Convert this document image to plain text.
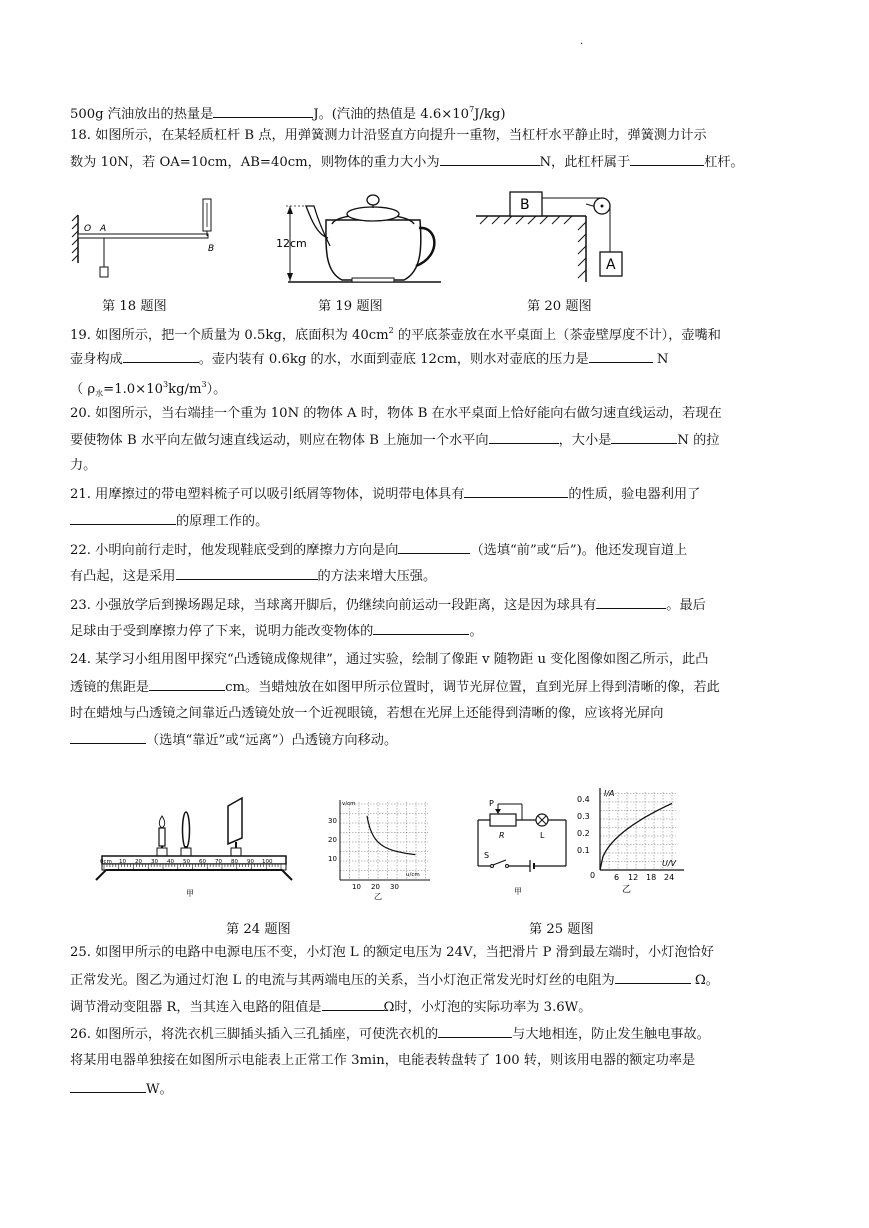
.
500g 汽油放出的热量是	J。(汽油的热值是 $4.6\times 10^7J/kg$)
18. 如图所示，在某轻质杠杆 B 点，用弹簧测力计沿竖直方向提升一重物，当杠杆水平静止时，弹簧测力计示
数为 10N，若 OA=10cm，AB=40cm，则物体的重力大小为	N，此杠杆属于	杠杆。
O A
B	12cm
B
A
第 18 题图	第 19 题图	第 20 题图
19. 如图所示，把一个质量为 0.5kg，底面积为 $40cm^2$ 的平底茶壶放在水平桌面上（茶壶壁厚度不计），壶嘴和
壶身构成	。壶内装有 0.6kg 的水，水面到壶底 12cm，则水对壶底的压力是	N
（ $\rho_水=1.0\times 10^3kg/m^3$）。
20. 如图所示，当右端挂一个重为 10N 的物体 A 时，物体 B 在水平桌面上恰好能向右做匀速直线运动，若现在
要使物体 B 水平向左做匀速直线运动，则应在物体 B 上施加一个水平向	，大小是	N 的拉
力。
21. 用摩擦过的带电塑料梳子可以吸引纸屑等物体，说明带电体具有	的性质，验电器利用了
的原理工作的。
22. 小明向前行走时，他发现鞋底受到的摩擦力方向是向	（选填“前”或“后”)。他还发现盲道上
有凸起，这是采用	的方法来增大压强。
23. 小强放学后到操场踢足球，当球离开脚后，仍继续向前运动一段距离，这是因为球具有	。最后
足球由于受到摩擦力停了下来，说明力能改变物体的	。
24. 某学习小组用图甲探究“凸透镜成像规律”，通过实验，绘制了像距 v 随物距 u 变化图像如图乙所示，此凸
透镜的焦距是	cm。当蜡烛放在如图甲所示位置时，调节光屏位置，直到光屏上得到清晰的像，若此
时在蜡烛与凸透镜之间靠近凸透镜处放一个近视眼镜，若想在光屏上还能得到清晰的像，应该将光屏向
（选填“靠近”或“远离”）凸透镜方向移动。
0cm 10 20 30 40 50 60 70 80 90 100
甲
v/cm
u/cm
30
20
10
10 20 30
乙
P
R	L
S
甲
I/A
U/V
0.4
0.3
0.2
0.1
0 6 12 18 24
乙
第 24 题图	第 25 题图
25. 如图甲所示的电路中电源电压不变，小灯泡 L 的额定电压为 24V，当把滑片 P 滑到最左端时，小灯泡恰好
正常发光。图乙为通过灯泡 L 的电流与其两端电压的关系，当小灯泡正常发光时灯丝的电阻为	Ω。
调节滑动变阻器 R，当其连入电路的阻值是	Ω时，小灯泡的实际功率为 3.6W。
26. 如图所示，将洗衣机三脚插头插入三孔插座，可使洗衣机的	与大地相连，防止发生触电事故。
将某用电器单独接在如图所示电能表上正常工作 3min，电能表转盘转了 100 转，则该用电器的额定功率是
W。
